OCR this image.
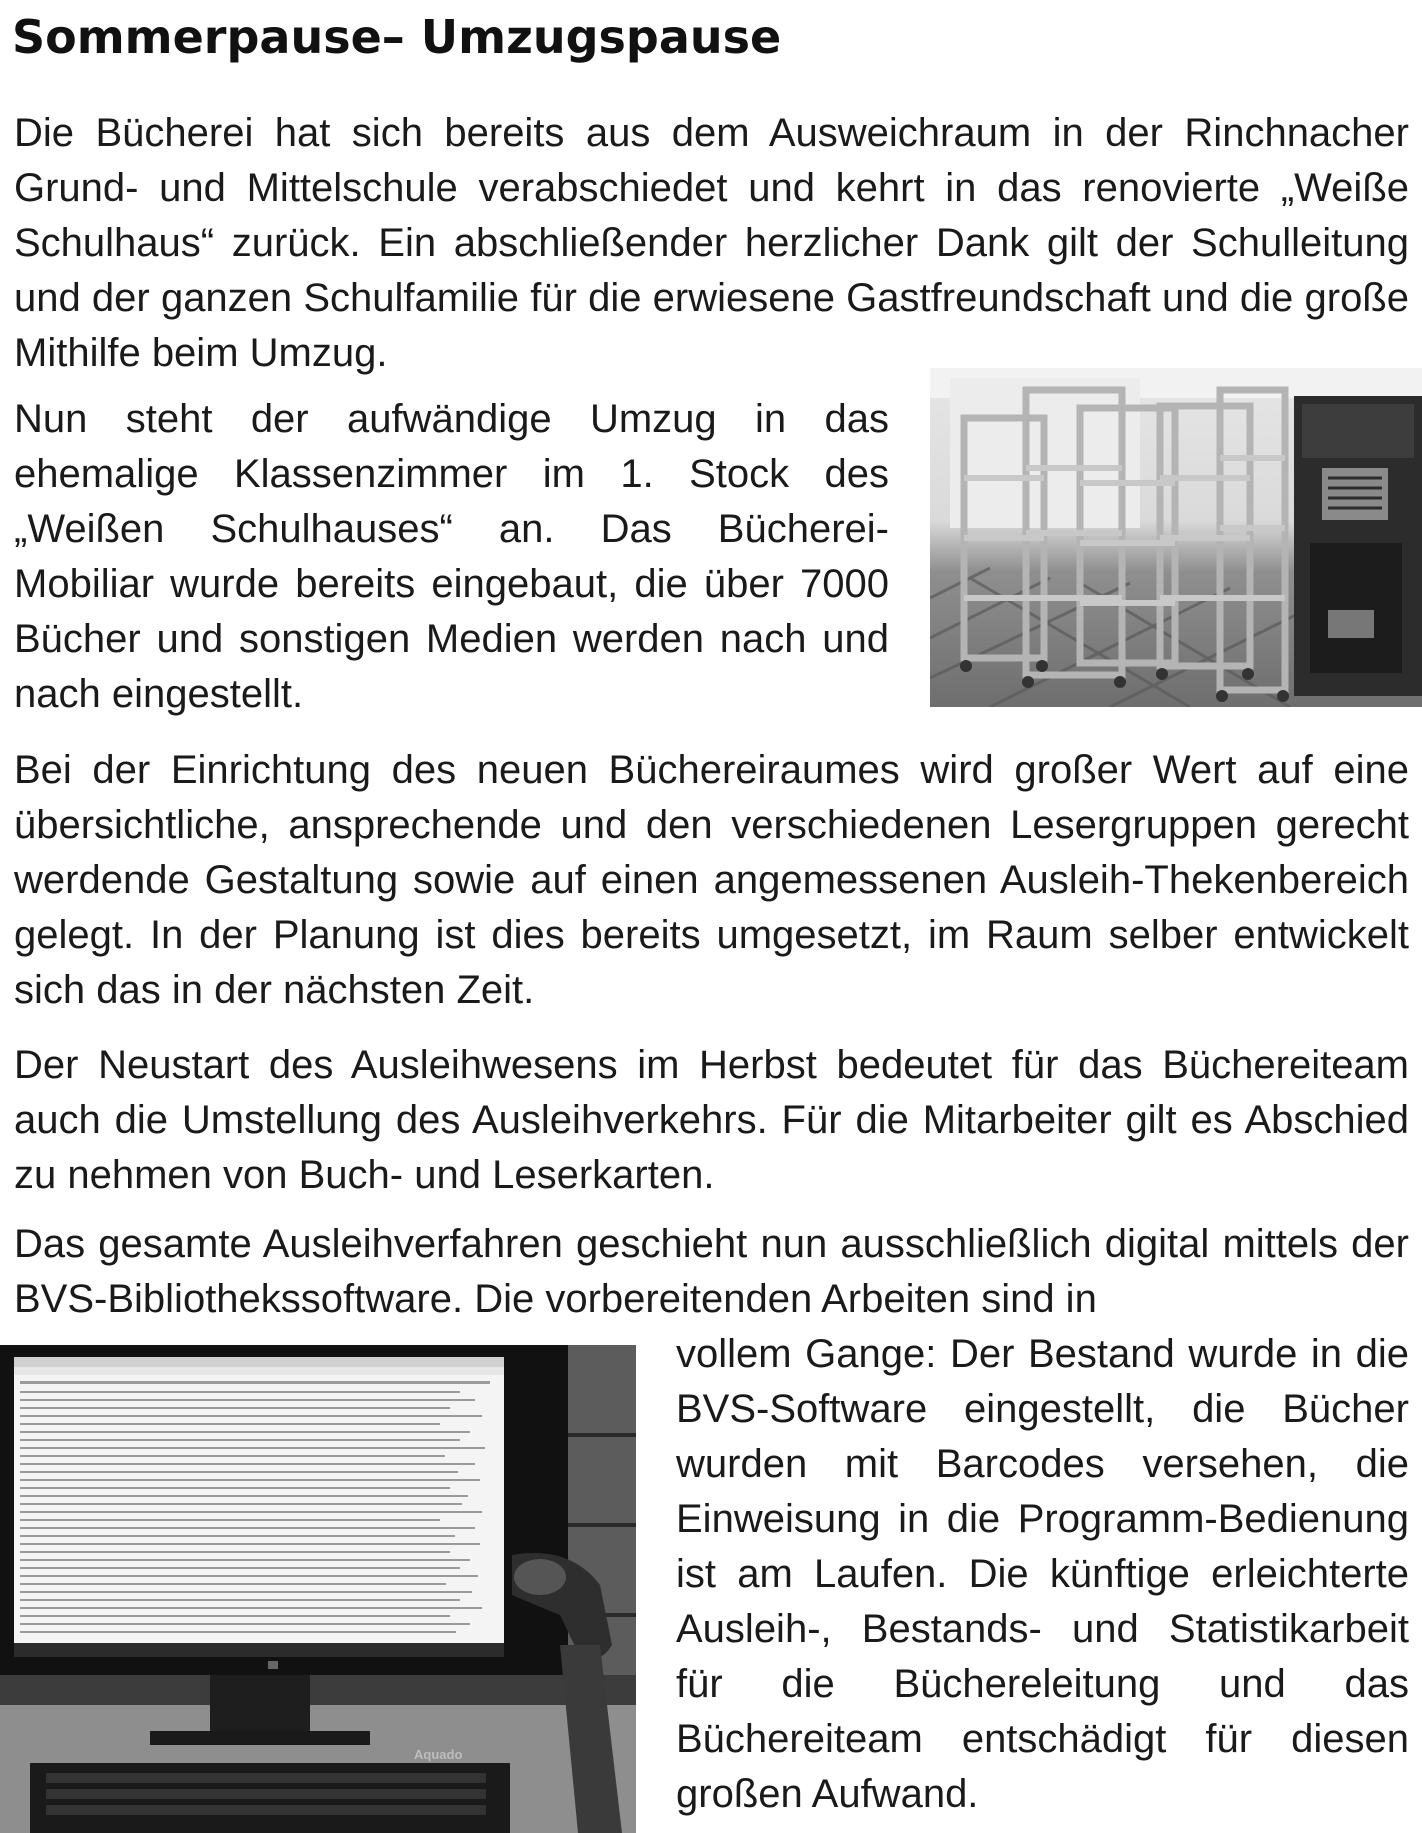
Sommerpause– Umzugspause

Die Bücherei hat sich bereits aus dem Ausweichraum in der Rinchnacher Grund- und Mittelschule verabschiedet und kehrt in das renovierte „Weiße Schulhaus“ zurück. Ein abschließender herzlicher Dank gilt der Schulleitung und der ganzen Schulfamilie für die erwiesene Gastfreundschaft und die große Mithilfe beim Umzug.

Nun steht der aufwändige Umzug in das ehemalige Klassenzimmer im 1. Stock des „Weißen Schulhauses“ an. Das Bücherei-Mobiliar wurde bereits eingebaut, die über 7000 Bücher und sonstigen Medien werden nach und nach eingestellt.

Bei der Einrichtung des neuen Büchereiraumes wird großer Wert auf eine übersichtliche, ansprechende und den verschiedenen Lesergruppen gerecht werdende Gestaltung sowie auf einen angemessenen Ausleih-Thekenbereich gelegt. In der Planung ist dies bereits umgesetzt, im Raum selber entwickelt sich das in der nächsten Zeit.

Der Neustart des Ausleihwesens im Herbst bedeutet für das Büchereiteam auch die Umstellung des Ausleihverkehrs. Für die Mitarbeiter gilt es Abschied zu nehmen von Buch- und Leserkarten.

Das gesamte Ausleihverfahren geschieht nun ausschließlich digital mittels der BVS-Bibliothekssoftware. Die vorbereitenden Arbeiten sind in

Aquado

vollem Gange: Der Bestand wurde in die BVS-Software eingestellt, die Bücher wurden mit Barcodes versehen, die Einweisung in die Programm-Bedienung ist am Laufen. Die künftige erleichterte Ausleih-, Bestands- und Statistikarbeit für die Büchereleitung und das Büchereiteam entschädigt für diesen großen Aufwand.
